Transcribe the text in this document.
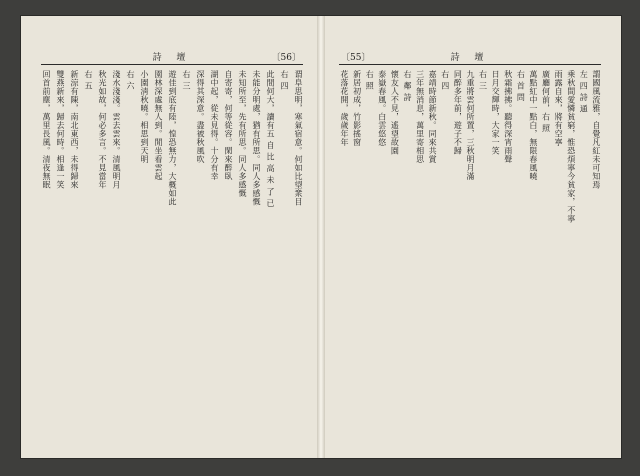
詩 壇	〔56〕
谓阜思明，寒氣宿意。何如比望衆目
右 四
此間何大，讀有五 自 比 高 未 了 已
未能分明處，猶有所思。同人多感慨
未知所至，先有所思。同人多感慨
自寄寄，何等從容。閑來醉臥
湖中起，從未見得。十分有幸
深得其深意。盡被秋風吹
右 三
遊佳到底有陸，惶恐無力，大概如此
園林深處無人到。閒坐看雲起
小園淸秋曉。相思到天明
右 六
淺水淺淺。雲去雲來。清風明月
秋光如故，何必多言。不見當年
右 五
新涼有陳，南北東西，未得歸來
雙燕新來，歸去何時。相逢一笑
回首前塵，萬里長風。清夜無眠
詩 壇
〔55〕
謂國風流雅，自覺凡紅未可知焉
左 四 詩 通
乘秋間愛憐貧窮，惟恐煩寧今貧家，不寧
雨露自來，將有空寧
廣廳何前，右 照
萬點紅中一點白，無限春風曉
右 首 問
秋霜拂拂。聽得深宵雨聲
日月交輝時，大家一笑
右 三
九重將雲何所置，三秋明月滿
同醉多年前，遊子不歸
右 四
嘉靖時節新秋。同來共賞
三年無消息，萬里寄相思
右 鄰 詩
懷友人不見，遙望故園
泰嶽春風。白雲悠悠
右 照
新居初成，竹影搖窗
花落花開，歲歲年年
